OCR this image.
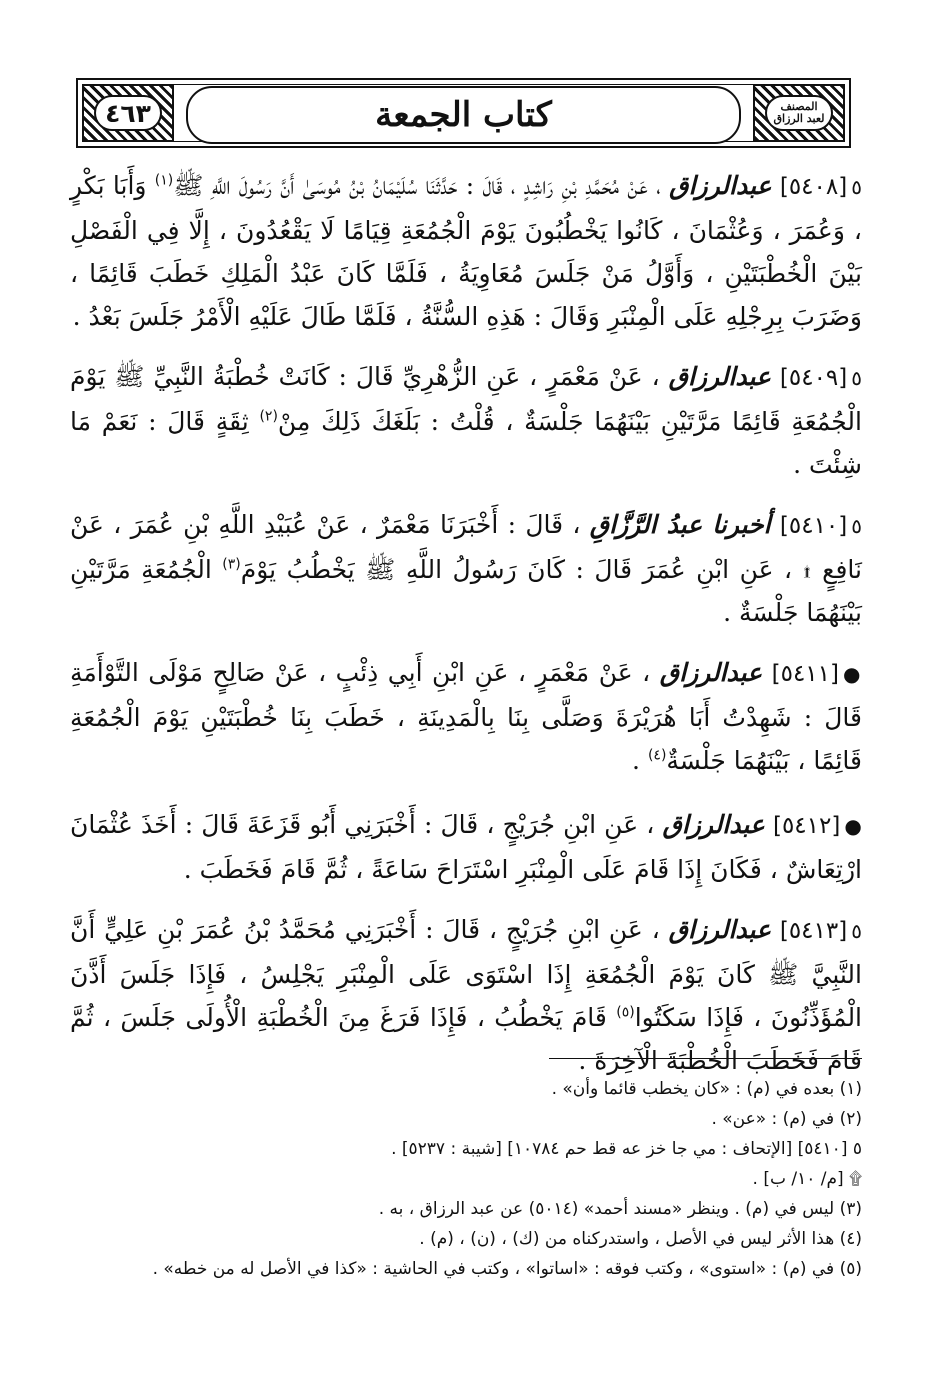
المصنف
لعبد الرزاق
كتاب الجمعة
٤٦٣

٥[٥٤٠٨] عبدالرزاق ، عَنْ مُحَمَّدِ بْنِ رَاشِدٍ ، قَالَ : حَدَّثَنَا سُلَيْمَانُ بْنُ مُوسَىٰ أَنَّ رَسُولَ اللَّهِ ﷺ$^{(١)}$ وَأَبَا بَكْرٍ ، وَعُمَرَ ، وَعُثْمَانَ ، كَانُوا يَخْطُبُونَ يَوْمَ الْجُمُعَةِ قِيَامًا لَا يَقْعُدُونَ ، إِلَّا فِي الْفَصْلِ بَيْنَ الْخُطْبَتَيْنِ ، وَأَوَّلُ مَنْ جَلَسَ مُعَاوِيَةُ ، فَلَمَّا كَانَ عَبْدُ الْمَلِكِ خَطَبَ قَائِمًا ، وَضَرَبَ بِرِجْلِهِ عَلَى الْمِنْبَرِ وَقَالَ : هَذِهِ السُّنَّةُ ، فَلَمَّا طَالَ عَلَيْهِ الْأَمْرُ جَلَسَ بَعْدُ .

٥[٥٤٠٩] عبدالرزاق ، عَنْ مَعْمَرٍ ، عَنِ الزُّهْرِيِّ قَالَ : كَانَتْ خُطْبَةُ النَّبِيِّ ﷺ يَوْمَ الْجُمُعَةِ قَائِمًا مَرَّتَيْنِ بَيْنَهُمَا جَلْسَةٌ ، قُلْتُ : بَلَغَكَ ذَلِكَ مِنْ$^{(٢)}$ ثِقَةٍ قَالَ : نَعَمْ مَا شِئْتَ .

٥[٥٤١٠] أخبرنا عبدُ الرَّزَّاقِ ، قَالَ : أَخْبَرَنَا مَعْمَرٌ ، عَنْ عُبَيْدِ اللَّهِ بْنِ عُمَرَ ، عَنْ نَافِعٍ ۩ ، عَنِ ابْنِ عُمَرَ قَالَ : كَانَ رَسُولُ اللَّهِ ﷺ يَخْطُبُ يَوْمَ$^{(٣)}$ الْجُمُعَةِ مَرَّتَيْنِ بَيْنَهُمَا جَلْسَةٌ .

●[٥٤١١] عبدالرزاق ، عَنْ مَعْمَرٍ ، عَنِ ابْنِ أَبِي ذِئْبٍ ، عَنْ صَالِحٍ مَوْلَى التَّوْأَمَةِ قَالَ : شَهِدْتُ أَبَا هُرَيْرَةَ وَصَلَّى بِنَا بِالْمَدِينَةِ ، خَطَبَ بِنَا خُطْبَتَيْنِ يَوْمَ الْجُمُعَةِ قَائِمًا ، بَيْنَهُمَا جَلْسَةٌ$^{(٤)}$ .

●[٥٤١٢] عبدالرزاق ، عَنِ ابْنِ جُرَيْجٍ ، قَالَ : أَخْبَرَنِي أَبُو قَزَعَةَ قَالَ : أَخَذَ عُثْمَانَ ارْتِعَاشٌ ، فَكَانَ إِذَا قَامَ عَلَى الْمِنْبَرِ اسْتَرَاحَ سَاعَةً ، ثُمَّ قَامَ فَخَطَبَ .

٥[٥٤١٣] عبدالرزاق ، عَنِ ابْنِ جُرَيْجٍ ، قَالَ : أَخْبَرَنِي مُحَمَّدُ بْنُ عُمَرَ بْنِ عَلِيٍّ أَنَّ النَّبِيَّ ﷺ كَانَ يَوْمَ الْجُمُعَةِ إِذَا اسْتَوَى عَلَى الْمِنْبَرِ يَجْلِسُ ، فَإِذَا جَلَسَ أَذَّنَ الْمُؤَذِّنُونَ ، فَإِذَا سَكَتُوا$^{(٥)}$ قَامَ يَخْطُبُ ، فَإِذَا فَرَغَ مِنَ الْخُطْبَةِ الْأُولَى جَلَسَ ، ثُمَّ قَامَ فَخَطَبَ الْخُطْبَةَ الْآخِرَةَ .

(١) بعده في (م) : «كان يخطب قائما وأن» .

(٢) في (م) : «عن» .

٥ [٥٤١٠] [الإتحاف : مي جا خز عه قط حم ١٠٧٨٤] [شيبة : ٥٢٣٧] .

۩ [م/ ١٠/ ب] .

(٣) ليس في (م) . وينظر «مسند أحمد» (٥٠١٤) عن عبد الرزاق ، به .

(٤) هذا الأثر ليس في الأصل ، واستدركناه من (ك) ، (ن) ، (م) .

(٥) في (م) : «استوى» ، وكتب فوقه : «اساتوا» ، وكتب في الحاشية : «كذا في الأصل له من خطه» .
